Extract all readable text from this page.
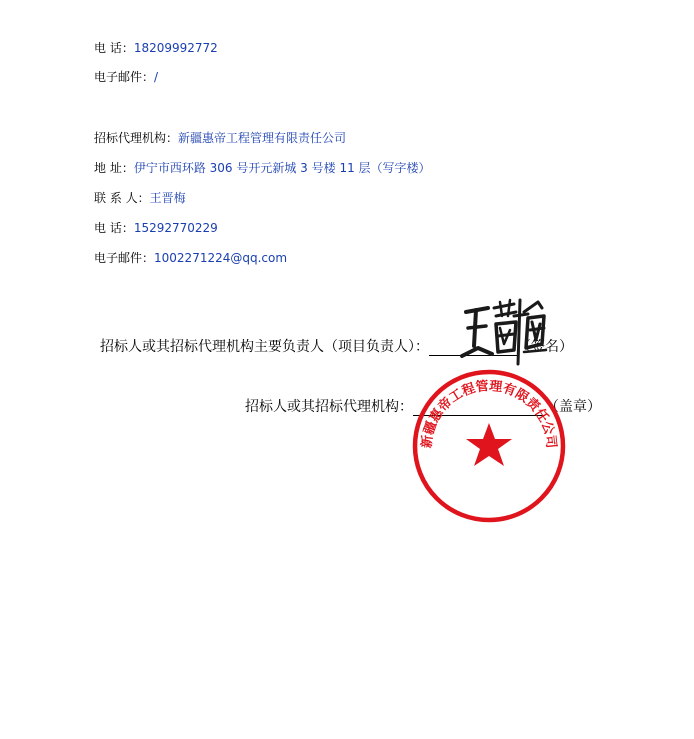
电 话：18209992772
电子邮件：/
招标代理机构：新疆惠帝工程管理有限责任公司
地 址：伊宁市西环路 306 号开元新城 3 号楼 11 层（写字楼）
联 系 人：王晋梅
电 话：15292770229
电子邮件：1002271224@qq.com
招标人或其招标代理机构主要负责人（项目负责人）：	（签名）
招标人或其招标代理机构：	（盖章）
新疆惠帝工程管理有限责任公司
